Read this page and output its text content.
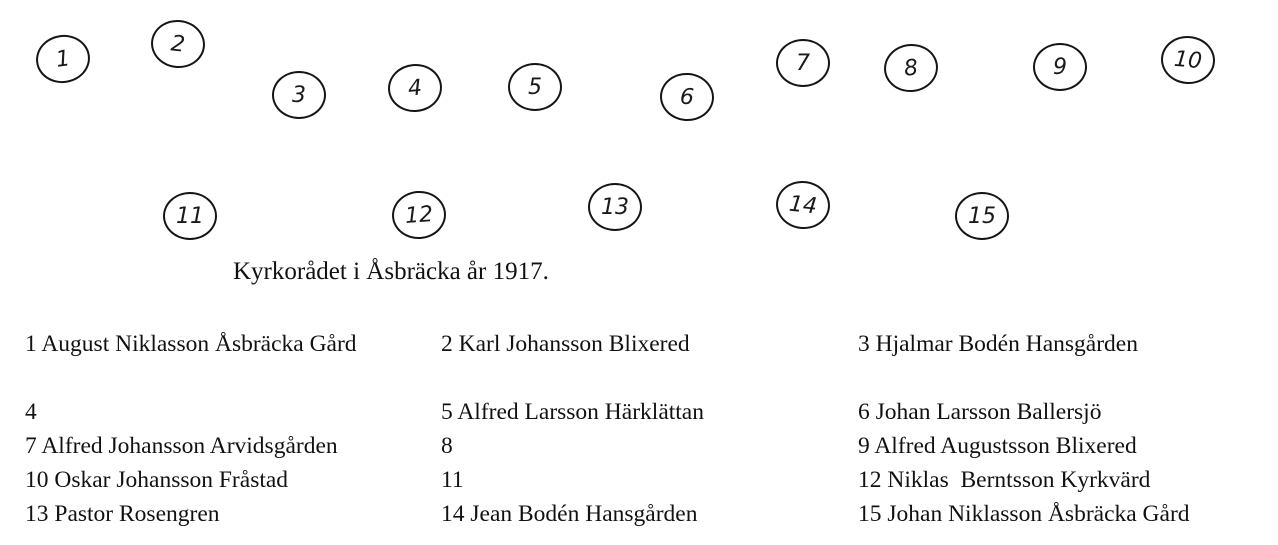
1
2
3	4	5	6
7	8	9	10
11	12	13	14	15
Kyrkorådet i Åsbräcka år 1917.
1 August Niklasson Åsbräcka Gård	2 Karl Johansson Blixered	3 Hjalmar Bodén Hansgården
4	5 Alfred Larsson Härklättan	6 Johan Larsson Ballersjö
7 Alfred Johansson Arvidsgården	8	9 Alfred Augustsson Blixered
10 Oskar Johansson Fråstad	11	12 Niklas  Berntsson Kyrkvärd
13 Pastor Rosengren	14 Jean Bodén Hansgården	15 Johan Niklasson Åsbräcka Gård
